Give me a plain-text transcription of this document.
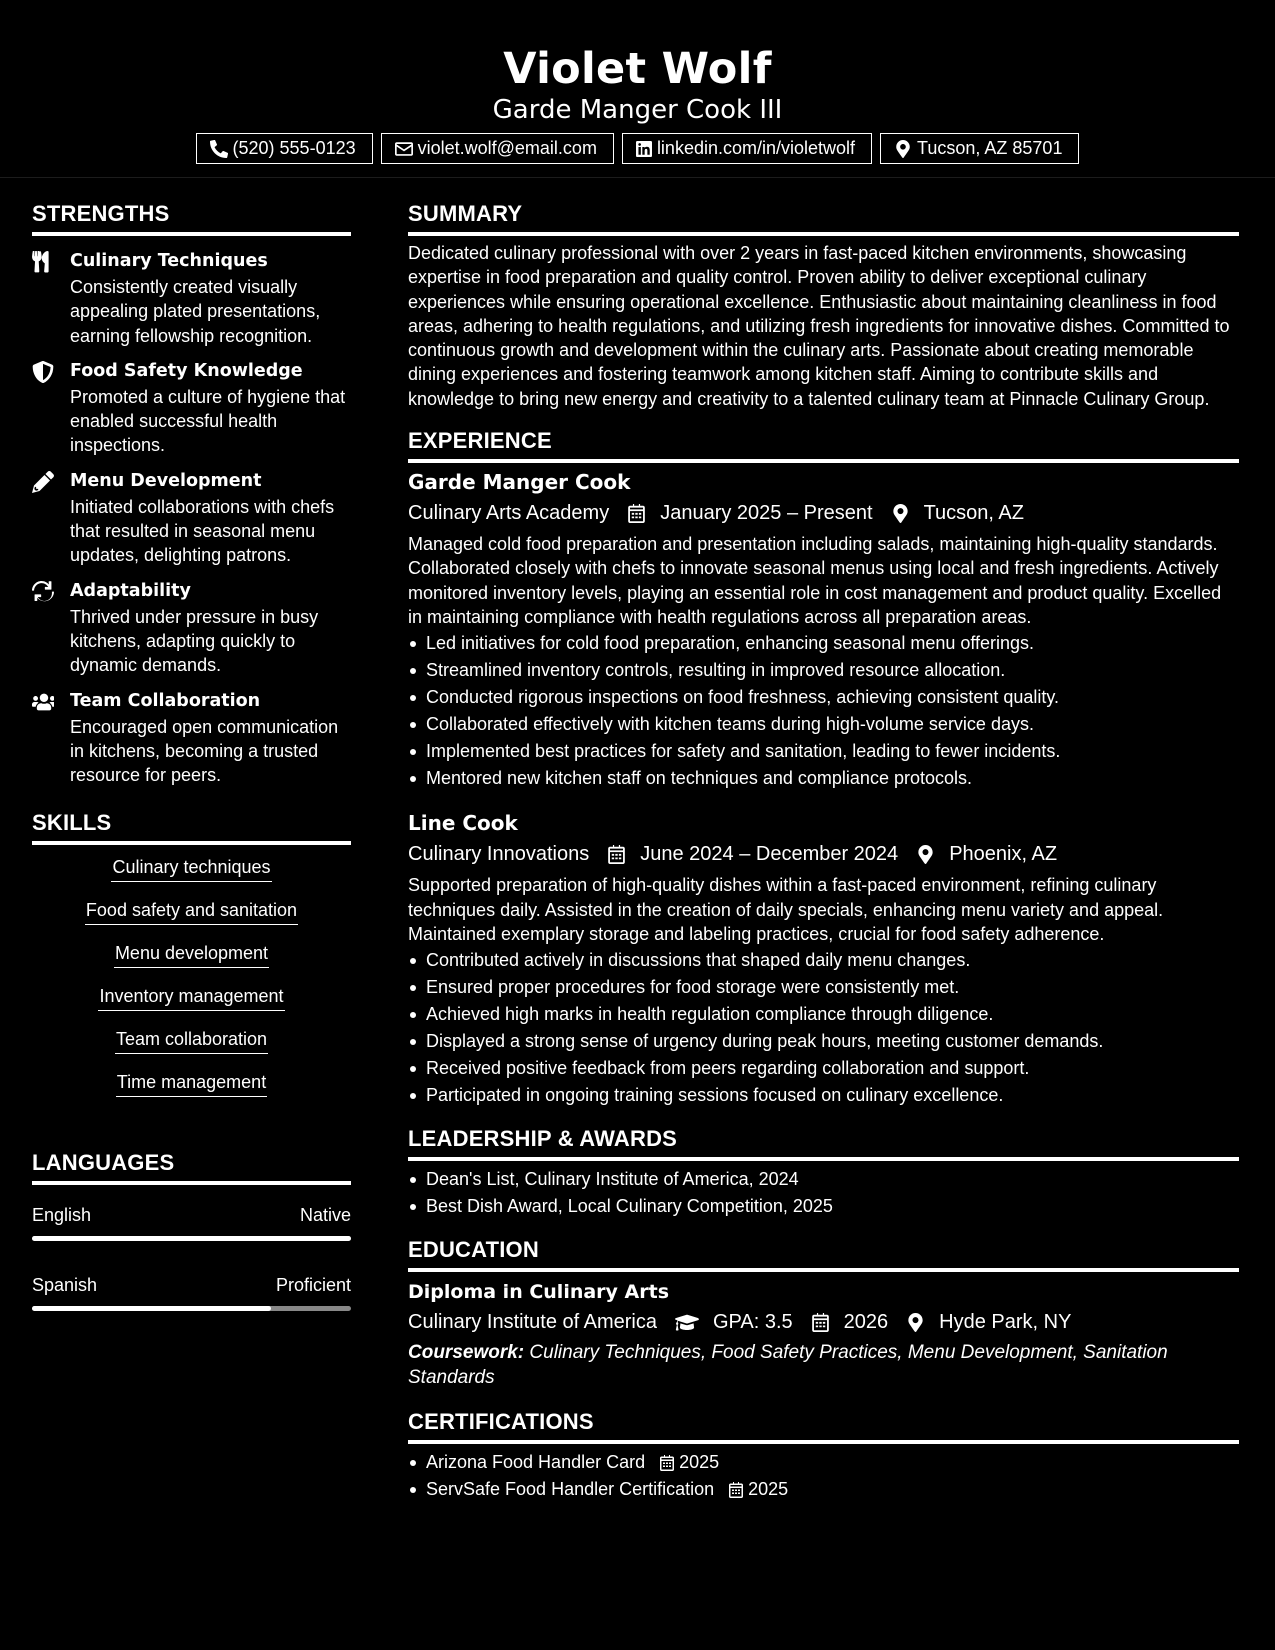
Violet Wolf
Garde Manger Cook III
(520) 555-0123	violet.wolf@email.com	linkedin.com/in/violetwolf	Tucson, AZ 85701
STRENGTHS
Culinary Techniques
Consistently created visually appealing plated presentations, earning fellowship recognition.
Food Safety Knowledge
Promoted a culture of hygiene that enabled successful health inspections.
Menu Development
Initiated collaborations with chefs that resulted in seasonal menu updates, delighting patrons.
Adaptability
Thrived under pressure in busy kitchens, adapting quickly to dynamic demands.
Team Collaboration
Encouraged open communication in kitchens, becoming a trusted resource for peers.
SKILLS
Culinary techniques
Food safety and sanitation
Menu development
Inventory management
Team collaboration
Time management
LANGUAGES
English	Native
Spanish	Proficient
SUMMARY
Dedicated culinary professional with over 2 years in fast-paced kitchen environments, showcasing expertise in food preparation and quality control. Proven ability to deliver exceptional culinary experiences while ensuring operational excellence. Enthusiastic about maintaining cleanliness in food areas, adhering to health regulations, and utilizing fresh ingredients for innovative dishes. Committed to continuous growth and development within the culinary arts. Passionate about creating memorable dining experiences and fostering teamwork among kitchen staff. Aiming to contribute skills and knowledge to bring new energy and creativity to a talented culinary team at Pinnacle Culinary Group.
EXPERIENCE
Garde Manger Cook
Culinary Arts Academy	January 2025 – Present	Tucson, AZ
Managed cold food preparation and presentation including salads, maintaining high-quality standards. Collaborated closely with chefs to innovate seasonal menus using local and fresh ingredients. Actively monitored inventory levels, playing an essential role in cost management and product quality. Excelled in maintaining compliance with health regulations across all preparation areas.
Led initiatives for cold food preparation, enhancing seasonal menu offerings.
Streamlined inventory controls, resulting in improved resource allocation.
Conducted rigorous inspections on food freshness, achieving consistent quality.
Collaborated effectively with kitchen teams during high-volume service days.
Implemented best practices for safety and sanitation, leading to fewer incidents.
Mentored new kitchen staff on techniques and compliance protocols.
Line Cook
Culinary Innovations	June 2024 – December 2024	Phoenix, AZ
Supported preparation of high-quality dishes within a fast-paced environment, refining culinary techniques daily. Assisted in the creation of daily specials, enhancing menu variety and appeal. Maintained exemplary storage and labeling practices, crucial for food safety adherence.
Contributed actively in discussions that shaped daily menu changes.
Ensured proper procedures for food storage were consistently met.
Achieved high marks in health regulation compliance through diligence.
Displayed a strong sense of urgency during peak hours, meeting customer demands.
Received positive feedback from peers regarding collaboration and support.
Participated in ongoing training sessions focused on culinary excellence.
LEADERSHIP & AWARDS
Dean's List, Culinary Institute of America, 2024
Best Dish Award, Local Culinary Competition, 2025
EDUCATION
Diploma in Culinary Arts
Culinary Institute of America	GPA: 3.5	2026	Hyde Park, NY
Coursework: Culinary Techniques, Food Safety Practices, Menu Development, Sanitation Standards
CERTIFICATIONS
Arizona Food Handler Card 2025
ServSafe Food Handler Certification 2025
